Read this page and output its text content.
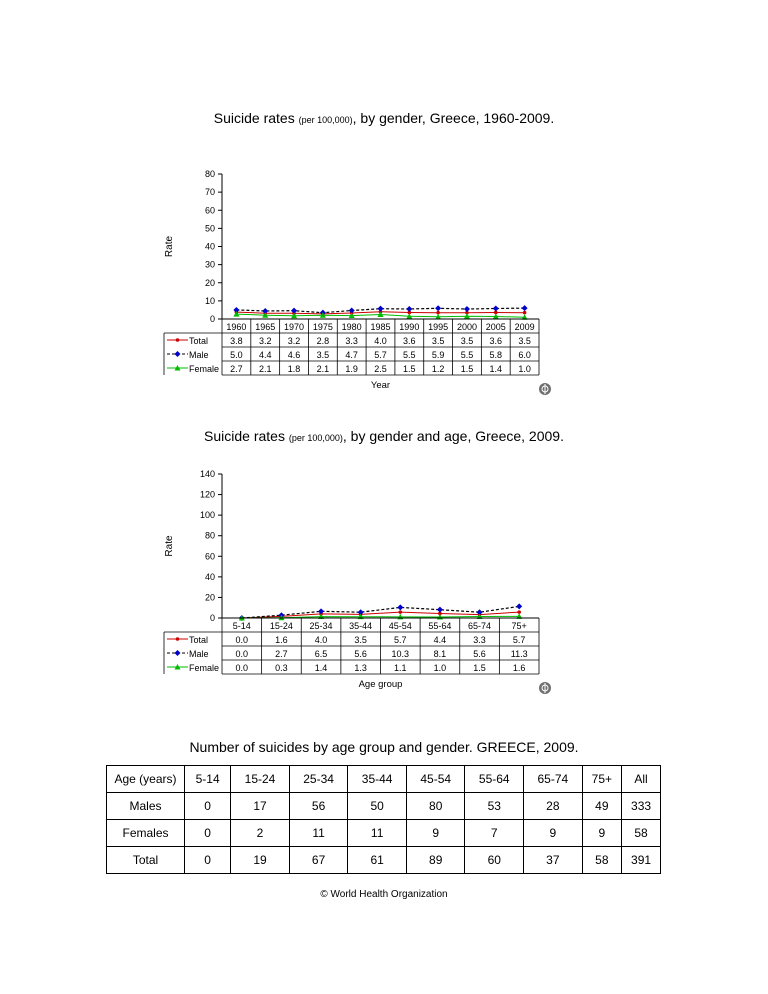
Suicide rates (per 100,000), by gender, Greece, 1960-2009.
0
10
20
30
40
50
60
70
80
Rate
1960 1965 1970 1975 1980 1985 1990 1995 2000 2005 2009
3.8 3.2 3.2 2.8 3.3 4.0 3.6 3.5 3.5 3.6 3.5
Total
5.0 4.4 4.6 3.5 4.7 5.7 5.5 5.9 5.5 5.8 6.0
Male
2.7 2.1 1.8 2.1 1.9 2.5 1.5 1.2 1.5 1.4 1.0
Female
Year
Suicide rates (per 100,000), by gender and age, Greece, 2009.
0
20
40
60
80
100
120
140
Rate
5-14 15-24 25-34 35-44 45-54 55-64 65-74 75+
0.0	1.6	4.0	3.5	5.7	4.4	3.3	5.7
Total
0.0	2.7	6.5	5.6	10.3	8.1	5.6	11.3
Male
0.0	0.3	1.4	1.3	1.1	1.0	1.5	1.6
Female
Age group
Number of suicides by age group and gender. GREECE, 2009.
Age (years)	5-14	15-24	25-34	35-44	45-54	55-64	65-74	75+	All
Males	0	17	56	50	80	53	28	49	333
Females	0	2	11	11	9	7	9	9	58
Total	0	19	67	61	89	60	37	58	391
© World Health Organization
